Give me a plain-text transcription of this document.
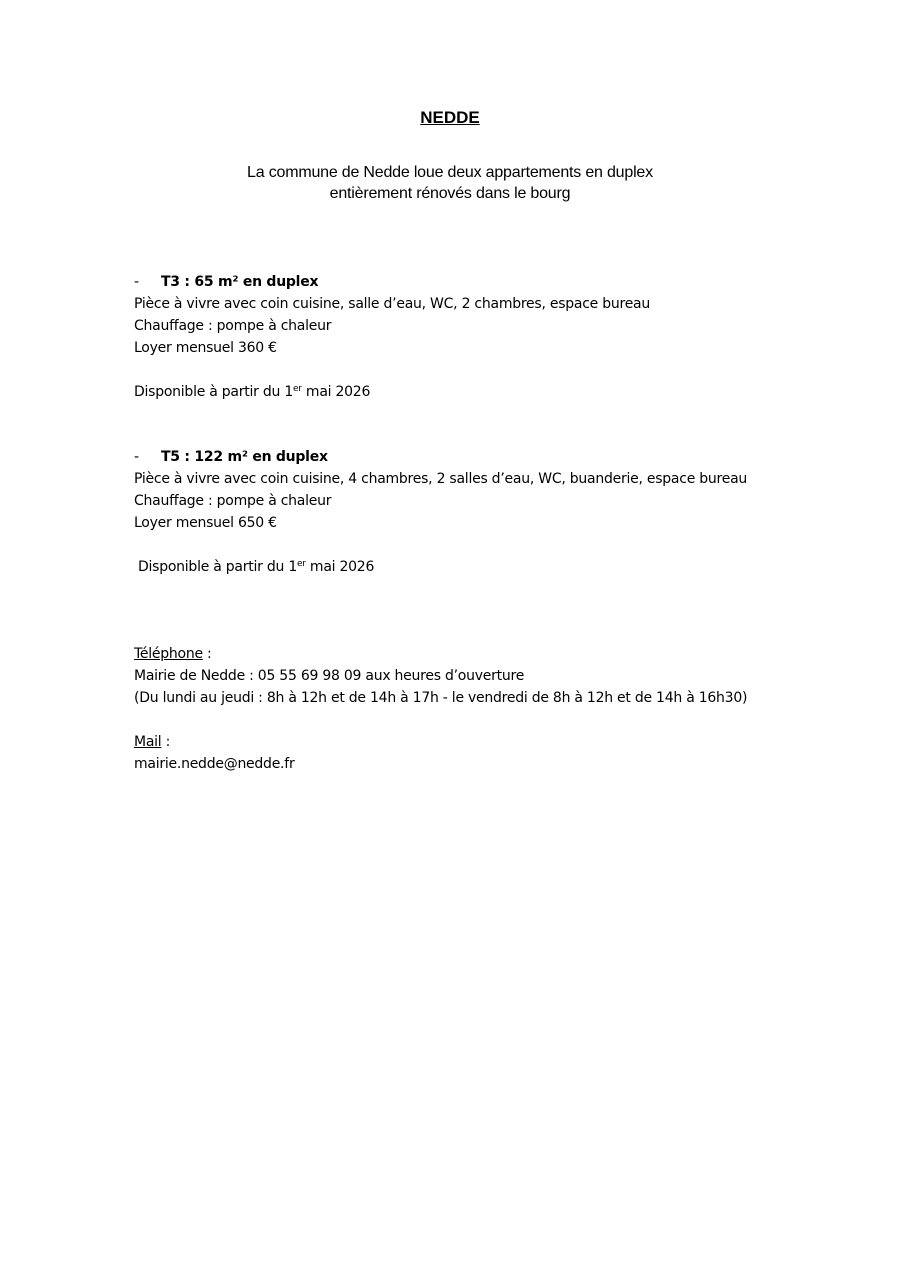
NEDDE
La commune de Nedde loue deux appartements en duplex
entièrement rénovés dans le bourg
- T3 : 65 m² en duplex
Pièce à vivre avec coin cuisine, salle d’eau, WC, 2 chambres, espace bureau
Chauffage : pompe à chaleur
Loyer mensuel 360 €
Disponible à partir du 1er mai 2026
- T5 : 122 m² en duplex
Pièce à vivre avec coin cuisine, 4 chambres, 2 salles d’eau, WC, buanderie, espace bureau
Chauffage : pompe à chaleur
Loyer mensuel 650 €
Disponible à partir du 1er mai 2026
Téléphone :
Mairie de Nedde : 05 55 69 98 09 aux heures d’ouverture
(Du lundi au jeudi : 8h à 12h et de 14h à 17h - le vendredi de 8h à 12h et de 14h à 16h30)
Mail :
mairie.nedde@nedde.fr
